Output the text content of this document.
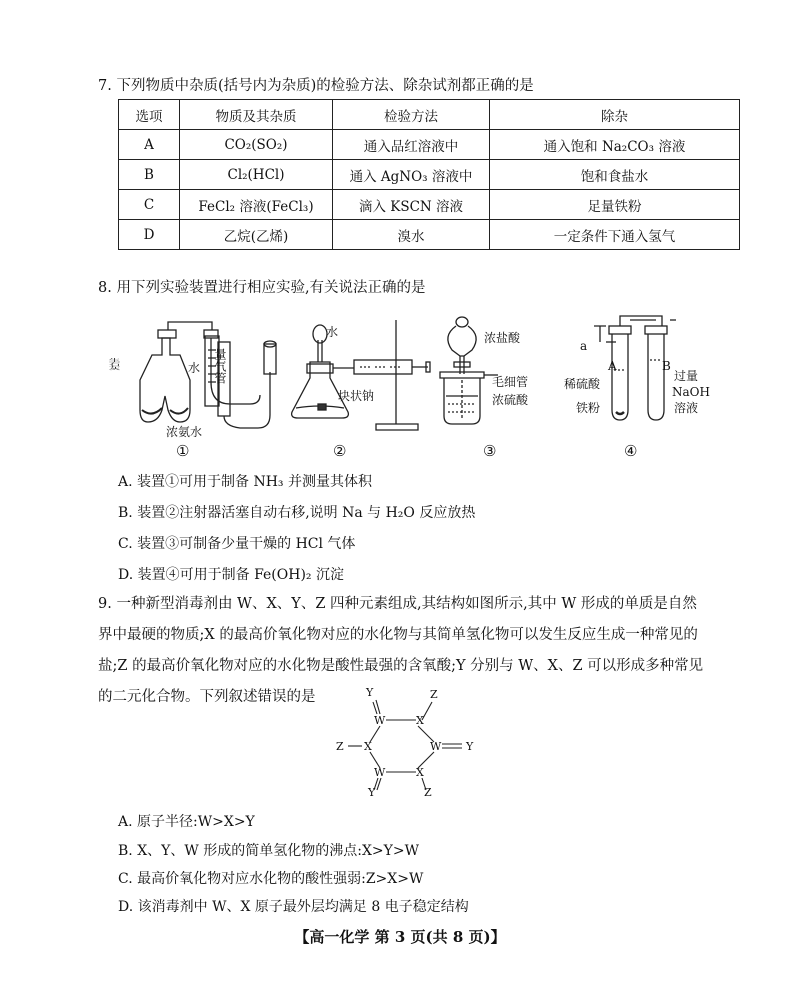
7. 下列物质中杂质(括号内为杂质)的检验方法、除杂试剂都正确的是
选项	物质及其杂质	检验方法	除杂
A	CO₂(SO₂)	通入品红溶液中	通入饱和 Na₂CO₃ 溶液
B	Cl₂(HCl)	通入 AgNO₃ 溶液中	饱和食盐水
C	FeCl₂ 溶液(FeCl₃)	滴入 KSCN 溶液	足量铁粉
D	乙烷(乙烯)	溴水	一定条件下通入氢气
8. 用下列实验装置进行相应实验,有关说法正确的是
生石灰
浓氨水
水 量气管
水
块状钠
浓盐酸
毛细管
浓硫酸
a
A	B
稀硫酸
铁粉
过量
NaOH
溶液
①	②	③	④
A. 装置①可用于制备 NH₃ 并测量其体积
B. 装置②注射器活塞自动右移,说明 Na 与 H₂O 反应放热
C. 装置③可制备少量干燥的 HCl 气体
D. 装置④可用于制备 Fe(OH)₂ 沉淀
9. 一种新型消毒剂由 W、X、Y、Z 四种元素组成,其结构如图所示,其中 W 形成的单质是自然界中最硬的物质;X 的最高价氧化物对应的水化物与其简单氢化物可以发生反应生成一种常见的盐;Z 的最高价氧化物对应的水化物是酸性最强的含氧酸;Y 分别与 W、X、Z 可以形成多种常见的二元化合物。下列叙述错误的是	Y	Z
W	X
Z X	W Y
W	X
Y	Z
A. 原子半径:W>X>Y
B. X、Y、W 形成的简单氢化物的沸点:X>Y>W
C. 最高价氧化物对应水化物的酸性强弱:Z>X>W
D. 该消毒剂中 W、X 原子最外层均满足 8 电子稳定结构
【高一化学 第 3 页(共 8 页)】
